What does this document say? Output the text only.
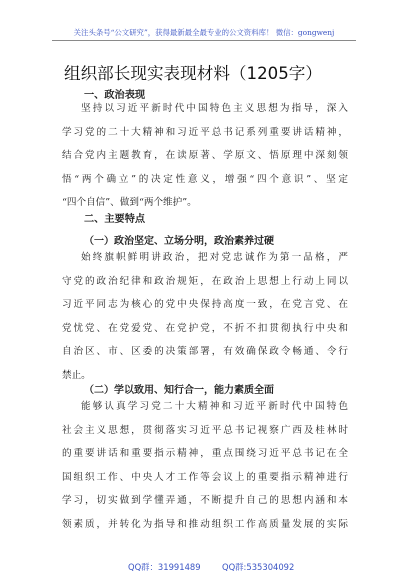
关注头条号“公文研究”，获得最新最全最专业的公文资料库！ 微信：gongwenj
组织部长现实表现材料（1205字）
一、政治表现
坚持以习近平新时代中国特色主义思想为指导，深入
学习党的二十大精神和习近平总书记系列重要讲话精神，
结合党内主题教育，在读原著、学原文、悟原理中深刻领
悟“两个确立”的决定性意义，增强“四个意识”、坚定
“四个自信”、做到“两个维护”。
二、主要特点
（一）政治坚定、立场分明，政治素养过硬
始终旗帜鲜明讲政治，把对党忠诚作为第一品格，严
守党的政治纪律和政治规矩，在政治上思想上行动上同以
习近平同志为核心的党中央保持高度一致，在党言党、在
党忧党、在党爱党、在党护党，不折不扣贯彻执行中央和
自治区、市、区委的决策部署，有效确保政令畅通、令行
禁止。
（二）学以致用、知行合一，能力素质全面
能够认真学习党二十大精神和习近平新时代中国特色
社会主义思想，贯彻落实习近平总书记视察广西及桂林时
的重要讲话和重要指示精神，重点围绕习近平总书记在全
国组织工作、中央人才工作等会议上的重要指示精神进行
学习，切实做到学懂弄通，不断提升自己的思想内涵和本
领素质，并转化为指导和推动组织工作高质量发展的实际
QQ群：31991489	QQ群:535304092
